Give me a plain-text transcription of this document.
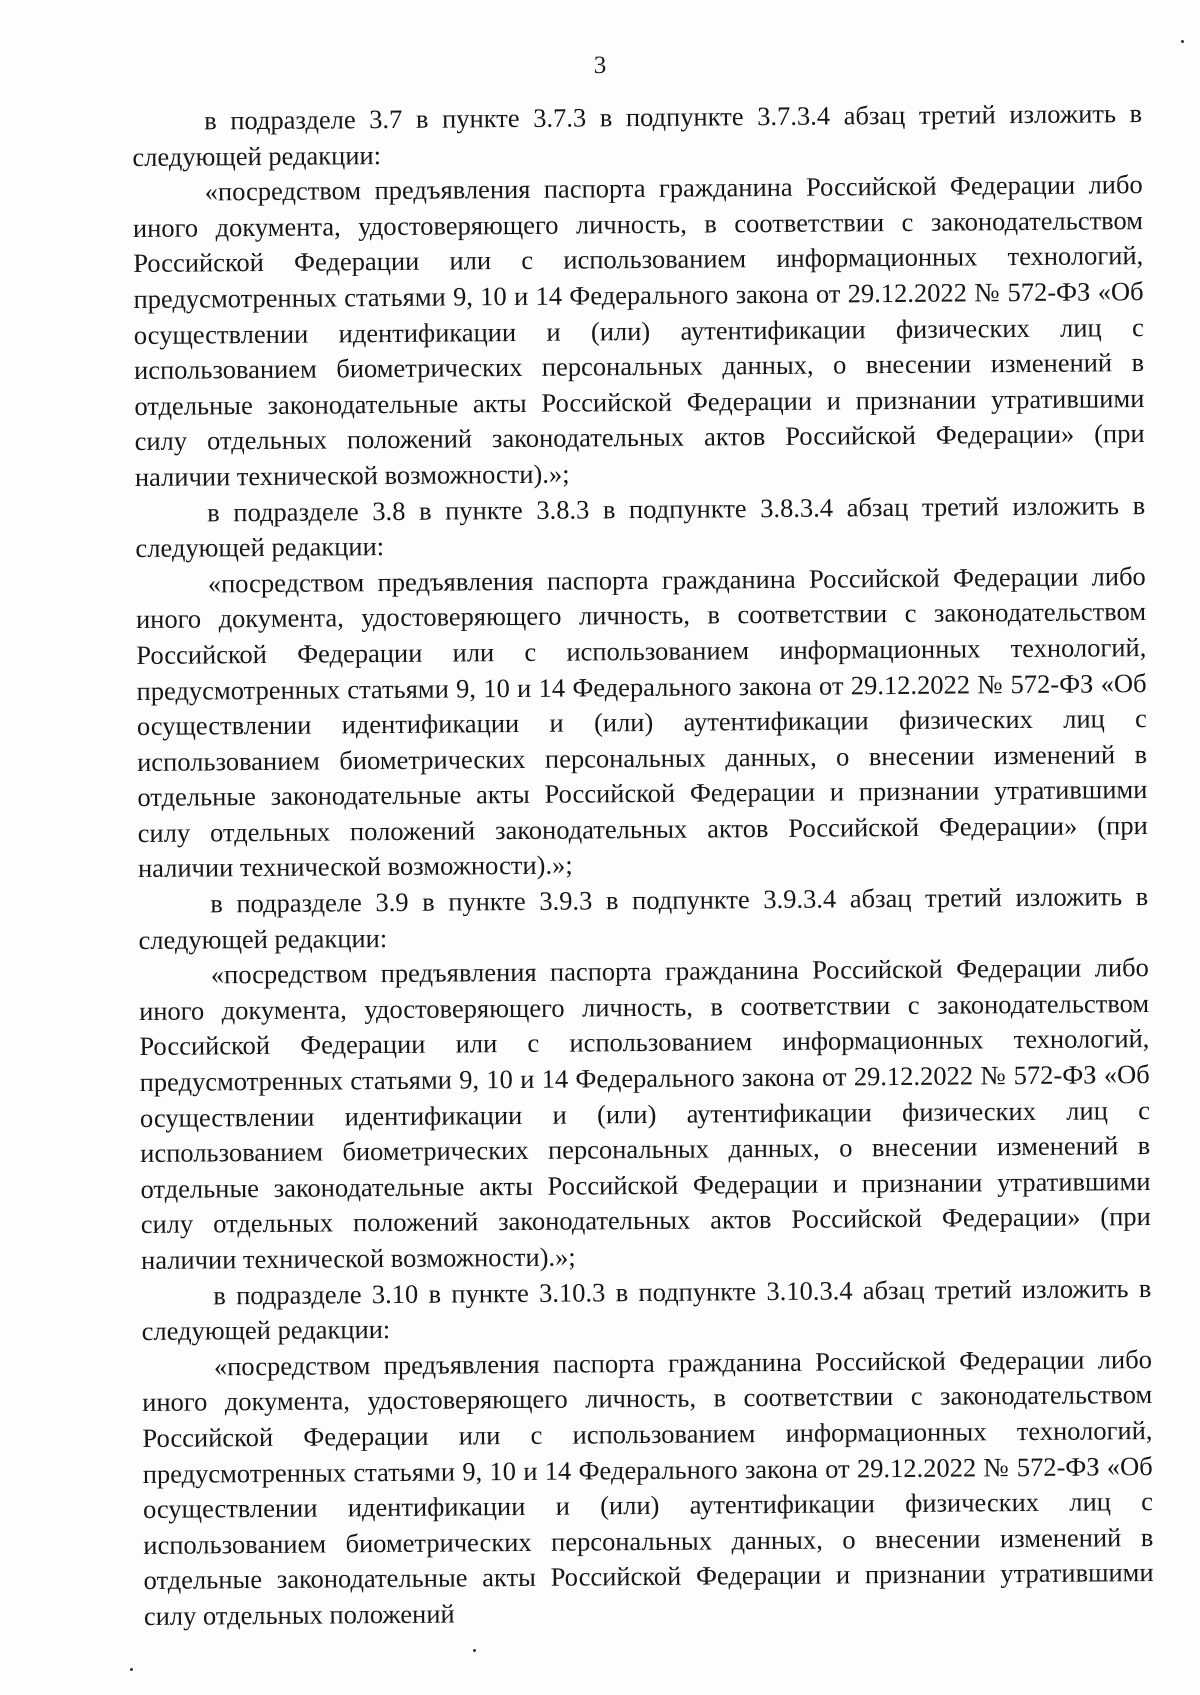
3

в подразделе 3.7 в пункте 3.7.3 в подпункте 3.7.3.4 абзац третий изложить в следующей редакции:

«посредством предъявления паспорта гражданина Российской Федерации либо иного документа, удостоверяющего личность, в соответствии с законодательством Российской Федерации или с использованием информационных технологий, предусмотренных статьями 9, 10 и 14 Федерального закона от 29.12.2022 № 572-ФЗ «Об осуществлении идентификации и (или) аутентификации физических лиц с использованием биометрических персональных данных, о внесении изменений в отдельные законодательные акты Российской Федерации и признании утратившими силу отдельных положений законодательных актов Российской Федерации» (при наличии технической возможности).»;

в подразделе 3.8 в пункте 3.8.3 в подпункте 3.8.3.4 абзац третий изложить в следующей редакции:

«посредством предъявления паспорта гражданина Российской Федерации либо иного документа, удостоверяющего личность, в соответствии с законодательством Российской Федерации или с использованием информационных технологий, предусмотренных статьями 9, 10 и 14 Федерального закона от 29.12.2022 № 572-ФЗ «Об осуществлении идентификации и (или) аутентификации физических лиц с использованием биометрических персональных данных, о внесении изменений в отдельные законодательные акты Российской Федерации и признании утратившими силу отдельных положений законодательных актов Российской Федерации» (при наличии технической возможности).»;

в подразделе 3.9 в пункте 3.9.3 в подпункте 3.9.3.4 абзац третий изложить в следующей редакции:

«посредством предъявления паспорта гражданина Российской Федерации либо иного документа, удостоверяющего личность, в соответствии с законодательством Российской Федерации или с использованием информационных технологий, предусмотренных статьями 9, 10 и 14 Федерального закона от 29.12.2022 № 572-ФЗ «Об осуществлении идентификации и (или) аутентификации физических лиц с использованием биометрических персональных данных, о внесении изменений в отдельные законодательные акты Российской Федерации и признании утратившими силу отдельных положений законодательных актов Российской Федерации» (при наличии технической возможности).»;

в подразделе 3.10 в пункте 3.10.3 в подпункте 3.10.3.4 абзац третий изложить в следующей редакции:

«посредством предъявления паспорта гражданина Российской Федерации либо иного документа, удостоверяющего личность, в соответствии с законодательством Российской Федерации или с использованием информационных технологий, предусмотренных статьями 9, 10 и 14 Федерального закона от 29.12.2022 № 572-ФЗ «Об осуществлении идентификации и (или) аутентификации физических лиц с использованием биометрических персональных данных, о внесении изменений в отдельные законодательные акты Российской Федерации и признании утратившими силу отдельных положений
